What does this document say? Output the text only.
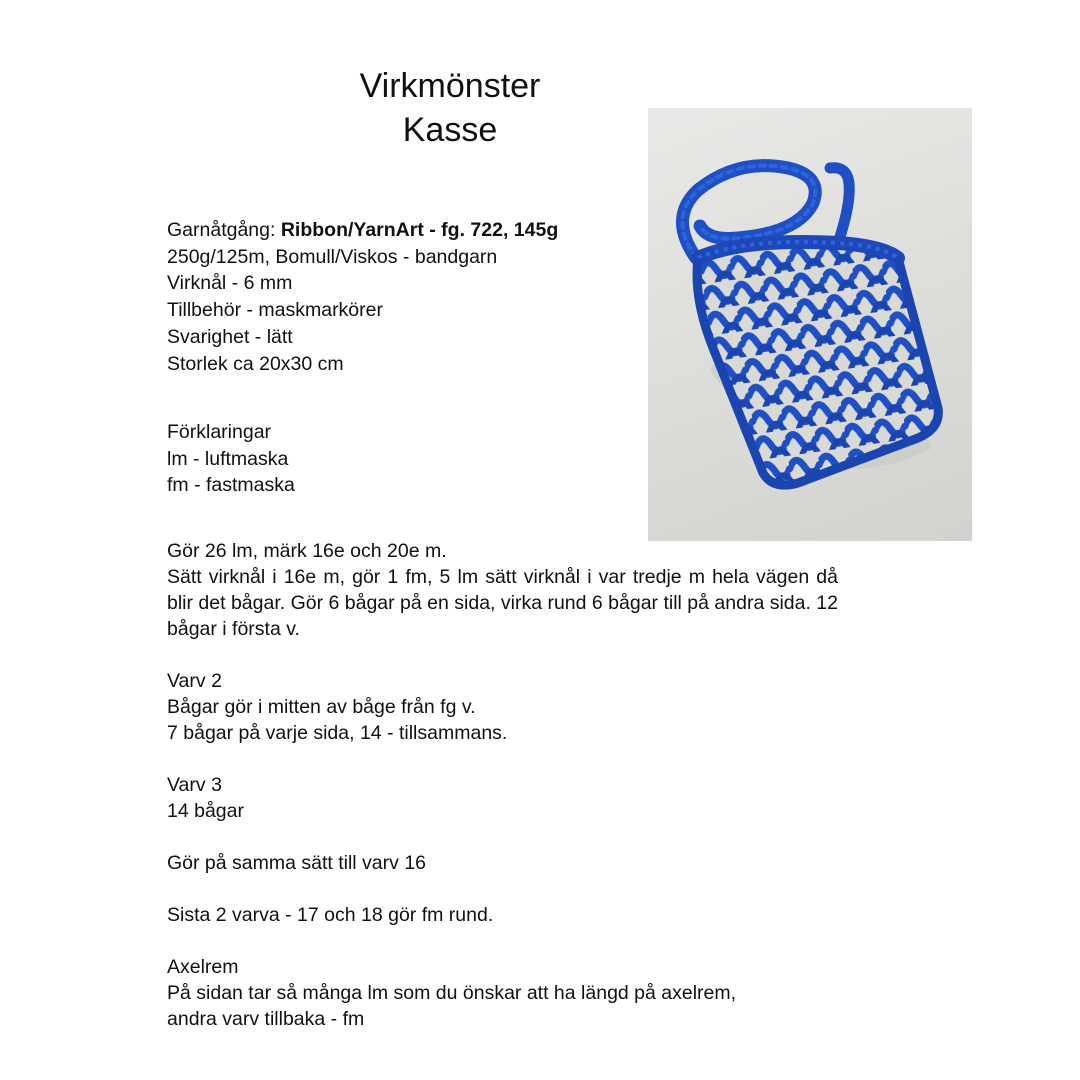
Virkmönster
Kasse
Garnåtgång: Ribbon/YarnArt - fg. 722, 145g
250g/125m, Bomull/Viskos - bandgarn
Virknål - 6 mm
Tillbehör - maskmarkörer
Svarighet - lätt
Storlek ca 20x30 cm
Förklaringar
lm - luftmaska
fm - fastmaska
Gör 26 lm, märk 16e och 20e m.
Sätt virknål i 16e m, gör 1 fm, 5 lm sätt virknål i var tredje m hela vägen då blir det bågar. Gör 6 bågar på en sida, virka rund 6 bågar till på andra sida. 12 bågar i första v.
Varv 2
Bågar gör i mitten av båge från fg v.
7 bågar på varje sida, 14 - tillsammans.
Varv 3
14 bågar
Gör på samma sätt till varv 16
Sista 2 varva - 17 och 18 gör fm rund.
Axelrem
På sidan tar så många lm som du önskar att ha längd på axelrem,
andra varv tillbaka - fm
